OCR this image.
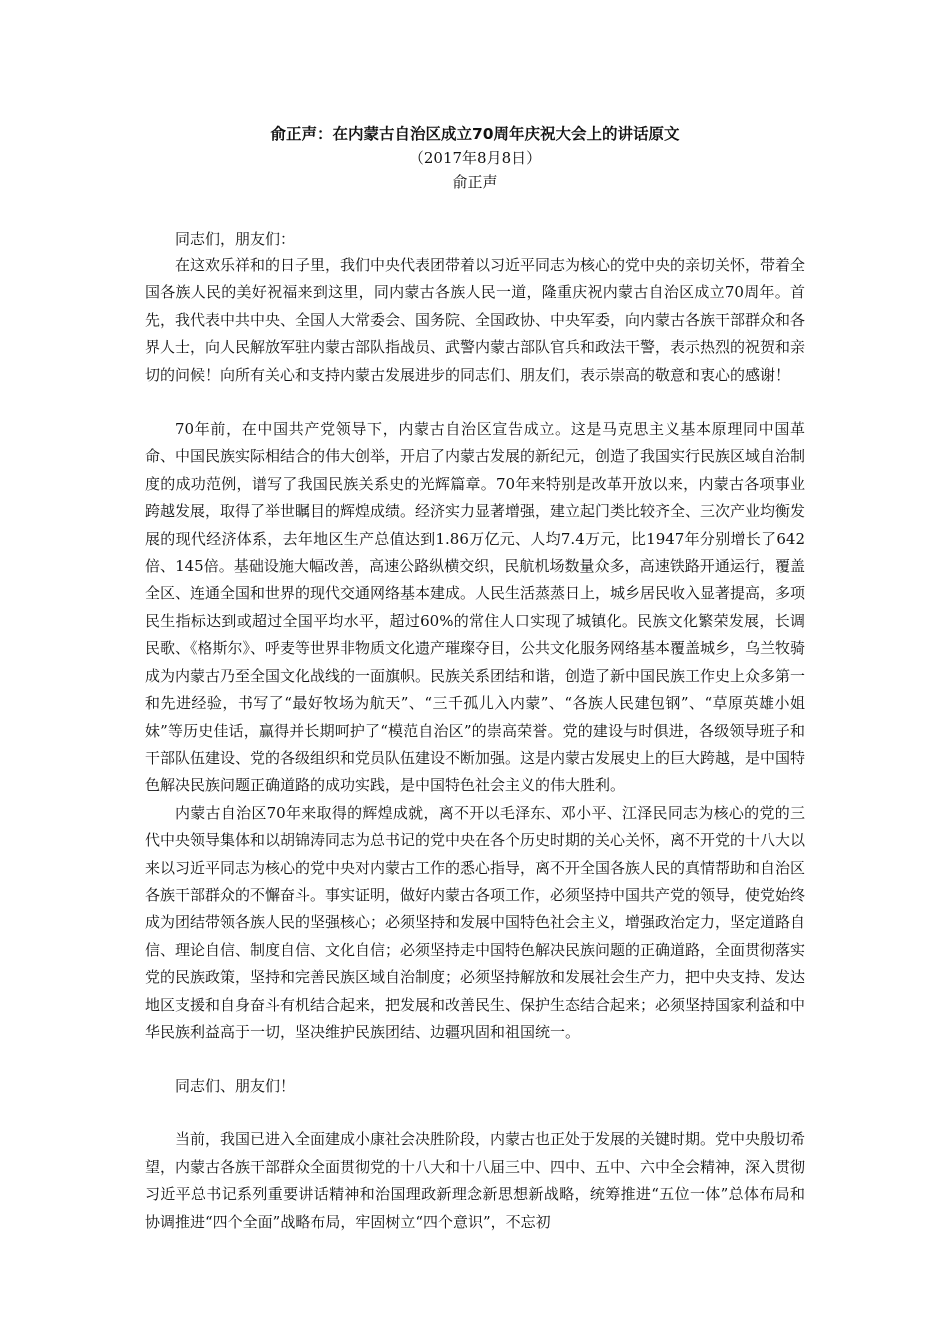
俞正声：在内蒙古自治区成立70周年庆祝大会上的讲话原文

（2017年8月8日）

俞正声

同志们，朋友们：

在这欢乐祥和的日子里，我们中央代表团带着以习近平同志为核心的党中央的亲切关怀，带着全国各族人民的美好祝福来到这里，同内蒙古各族人民一道，隆重庆祝内蒙古自治区成立70周年。首先，我代表中共中央、全国人大常委会、国务院、全国政协、中央军委，向内蒙古各族干部群众和各界人士，向人民解放军驻内蒙古部队指战员、武警内蒙古部队官兵和政法干警，表示热烈的祝贺和亲切的问候！向所有关心和支持内蒙古发展进步的同志们、朋友们，表示崇高的敬意和衷心的感谢！

70年前，在中国共产党领导下，内蒙古自治区宣告成立。这是马克思主义基本原理同中国革命、中国民族实际相结合的伟大创举，开启了内蒙古发展的新纪元，创造了我国实行民族区域自治制度的成功范例，谱写了我国民族关系史的光辉篇章。70年来特别是改革开放以来，内蒙古各项事业跨越发展，取得了举世瞩目的辉煌成绩。经济实力显著增强，建立起门类比较齐全、三次产业均衡发展的现代经济体系，去年地区生产总值达到1.86万亿元、人均7.4万元，比1947年分别增长了642倍、145倍。基础设施大幅改善，高速公路纵横交织，民航机场数量众多，高速铁路开通运行，覆盖全区、连通全国和世界的现代交通网络基本建成。人民生活蒸蒸日上，城乡居民收入显著提高，多项民生指标达到或超过全国平均水平，超过60%的常住人口实现了城镇化。民族文化繁荣发展，长调民歌、《格斯尔》、呼麦等世界非物质文化遗产璀璨夺目，公共文化服务网络基本覆盖城乡，乌兰牧骑成为内蒙古乃至全国文化战线的一面旗帜。民族关系团结和谐，创造了新中国民族工作史上众多第一和先进经验，书写了“最好牧场为航天”、“三千孤儿入内蒙”、“各族人民建包钢”、“草原英雄小姐妹”等历史佳话，赢得并长期呵护了“模范自治区”的崇高荣誉。党的建设与时俱进，各级领导班子和干部队伍建设、党的各级组织和党员队伍建设不断加强。这是内蒙古发展史上的巨大跨越，是中国特色解决民族问题正确道路的成功实践，是中国特色社会主义的伟大胜利。

内蒙古自治区70年来取得的辉煌成就，离不开以毛泽东、邓小平、江泽民同志为核心的党的三代中央领导集体和以胡锦涛同志为总书记的党中央在各个历史时期的关心关怀，离不开党的十八大以来以习近平同志为核心的党中央对内蒙古工作的悉心指导，离不开全国各族人民的真情帮助和自治区各族干部群众的不懈奋斗。事实证明，做好内蒙古各项工作，必须坚持中国共产党的领导，使党始终成为团结带领各族人民的坚强核心；必须坚持和发展中国特色社会主义，增强政治定力，坚定道路自信、理论自信、制度自信、文化自信；必须坚持走中国特色解决民族问题的正确道路，全面贯彻落实党的民族政策，坚持和完善民族区域自治制度；必须坚持解放和发展社会生产力，把中央支持、发达地区支援和自身奋斗有机结合起来，把发展和改善民生、保护生态结合起来；必须坚持国家利益和中华民族利益高于一切，坚决维护民族团结、边疆巩固和祖国统一。

同志们、朋友们！

当前，我国已进入全面建成小康社会决胜阶段，内蒙古也正处于发展的关键时期。党中央殷切希望，内蒙古各族干部群众全面贯彻党的十八大和十八届三中、四中、五中、六中全会精神，深入贯彻习近平总书记系列重要讲话精神和治国理政新理念新思想新战略，统筹推进“五位一体”总体布局和协调推进“四个全面”战略布局，牢固树立“四个意识”，不忘初
